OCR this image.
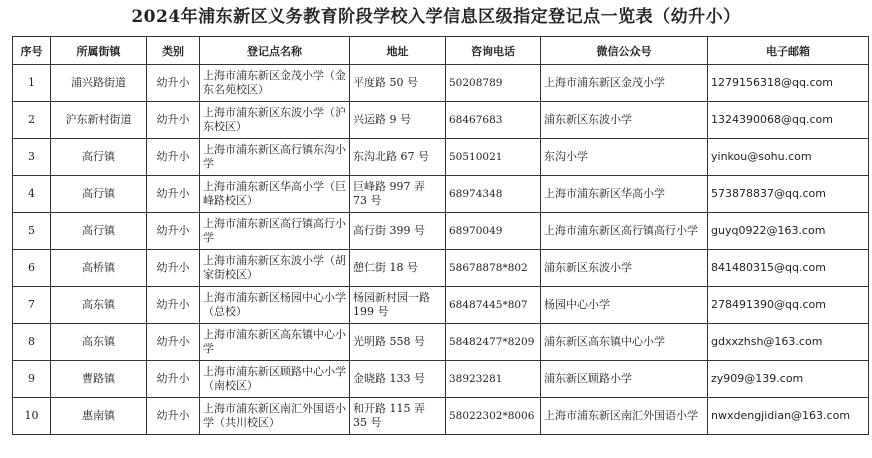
2024年浦东新区义务教育阶段学校入学信息区级指定登记点一览表（幼升小）
序号	所属街镇	类别	登记点名称	地址	咨询电话	微信公众号	电子邮箱
1	浦兴路街道	幼升小	上海市浦东新区金茂小学（金东名苑校区）	平度路 50 号	50208789	上海市浦东新区金茂小学	1279156318@qq.com
2	沪东新村街道	幼升小	上海市浦东新区东波小学（沪东校区）	兴运路 9 号	68467683	浦东新区东波小学	1324390068@qq.com
3	高行镇	幼升小	上海市浦东新区高行镇东沟小学	东沟北路 67 号	50510021	东沟小学	yinkou@sohu.com
4	高行镇	幼升小	上海市浦东新区华高小学（巨峰路校区）	巨峰路 997 弄 73 号	68974348	上海市浦东新区华高小学	573878837@qq.com
5	高行镇	幼升小	上海市浦东新区高行镇高行小学	高行街 399 号	68970049	上海市浦东新区高行镇高行小学	guyq0922@163.com
6	高桥镇	幼升小	上海市浦东新区东波小学（胡家街校区）	憩仁街 18 号	58678878*802	浦东新区东波小学	841480315@qq.com
7	高东镇	幼升小	上海市浦东新区杨园中心小学（总校）	杨园新村园一路 199 号	68487445*807	杨园中心小学	278491390@qq.com
8	高东镇	幼升小	上海市浦东新区高东镇中心小学	光明路 558 号	58482477*8209	浦东新区高东镇中心小学	gdxxzhsh@163.com
9	曹路镇	幼升小	上海市浦东新区顾路中心小学（南校区）	金晓路 133 号	38923281	浦东新区顾路小学	zy909@139.com
10	惠南镇	幼升小	上海市浦东新区南汇外国语小学（共川校区）	和开路 115 弄 35 号	58022302*8006	上海市浦东新区南汇外国语小学	nwxdengjidian@163.com
